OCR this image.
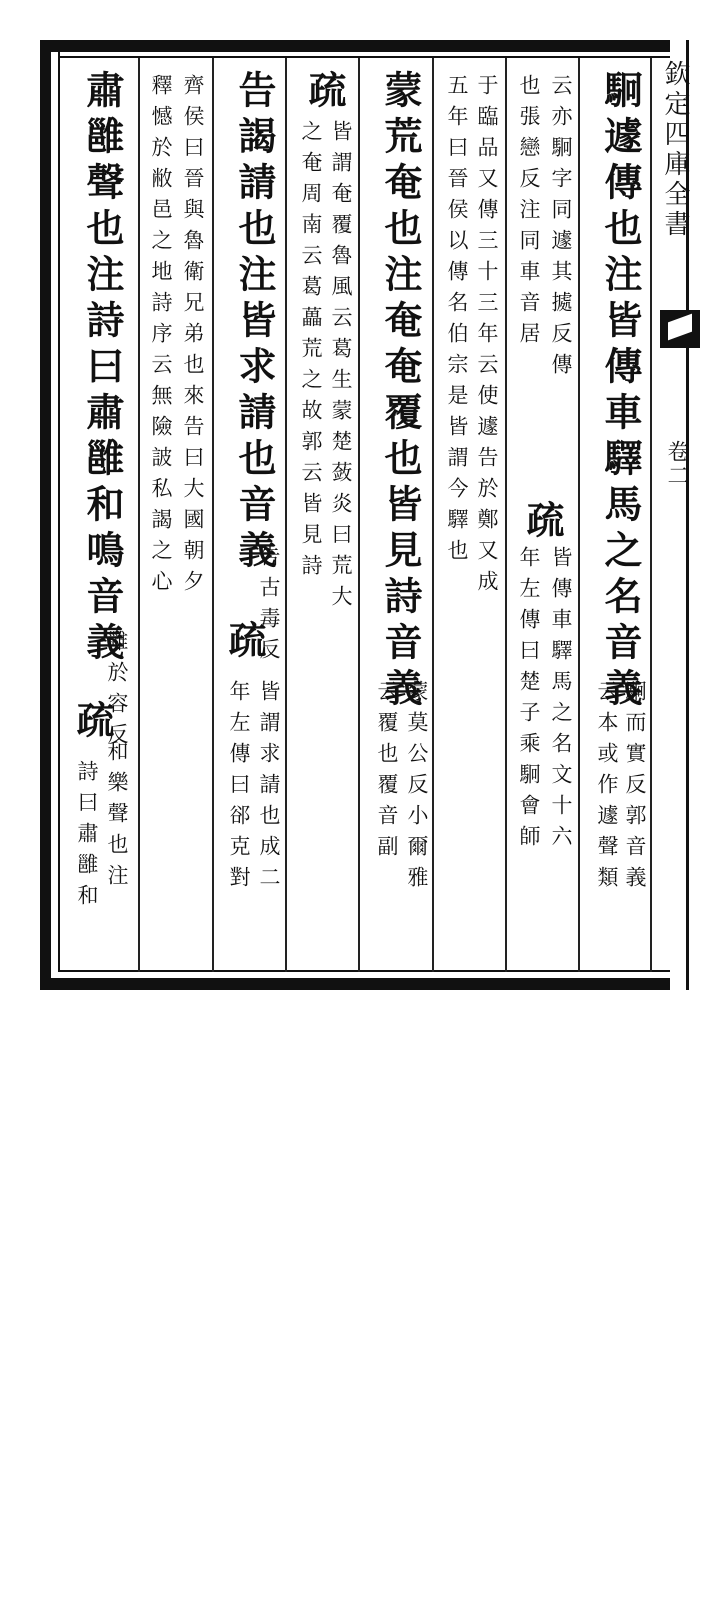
欽定四庫全書
卷二
駉遽傳也注皆傳車驛馬之名音義
駉而實反郭音義
云本或作遽聲類
云亦駉字同遽其㨿反傳
也張戀反注同車音居
疏
皆傳車驛馬之名文十六
年左傳曰楚子乘駉會師
于臨品又傳三十三年云使遽告於鄭又成
五年曰晉侯以傳名伯宗是皆謂今驛也
蒙荒奄也注奄奄覆也皆見詩音義
蒙莫公反小爾雅
云覆也覆音副
疏
皆謂奄覆魯風云葛生蒙楚蔹炎曰荒大
之奄周南云葛藟荒之故郭云皆見詩
告謁請也注皆求請也音義
告古毒反
疏
皆謂求請也成二
年左傳曰郤克對
齊侯曰晉與魯衛兄弟也來告曰大國朝夕
釋憾於敝邑之地詩序云無險詖私謁之心
肅雝聲也注詩曰肅雝和鳴音義
雝於容反
疏
和樂聲也注
詩曰肅雝和
